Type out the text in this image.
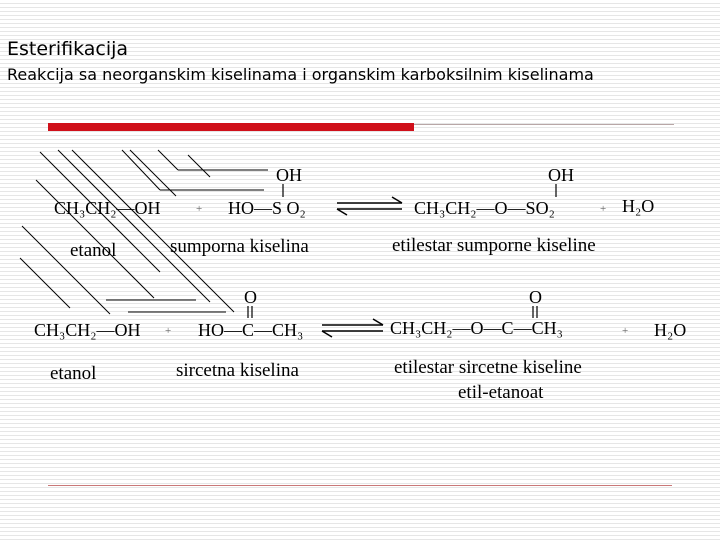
Esterifikacija
Reakcija sa neorganskim kiselinama i organskim karboksilnim kiselinama
CH₃CH₂—OH	+
OH
HO—S O₂
OH
CH₃CH₂—O—SO₂	+ H₂O
etanol	sumporna kiselina	etilestar sumporne kiseline
O
CH₃CH₂—OH + HO—C—CH₃
O
CH₃CH₂—O—C—CH₃	+ H₂O
etanol	sircetna kiselina	etilestar sircetne kiseline
etil-etanoat
